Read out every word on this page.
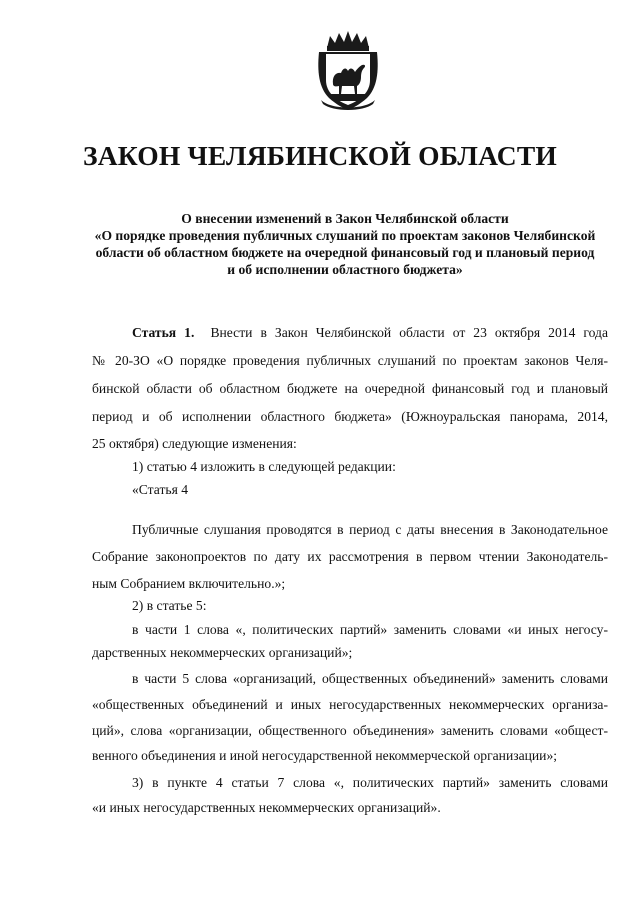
ЗАКОН ЧЕЛЯБИНСКОЙ ОБЛАСТИ
О внесении изменений в Закон Челябинской области
«О порядке проведения публичных слушаний по проектам законов Челябинской
области об областном бюджете на очередной финансовый год и плановый период
и об исполнении областного бюджета»
Статья 1. Внести в Закон Челябинской области от 23 октября 2014 года
№ 20-ЗО «О порядке проведения публичных слушаний по проектам законов Челя-
бинской области об областном бюджете на очередной финансовый год и плановый
период и об исполнении областного бюджета» (Южноуральская панорама, 2014,
25 октября) следующие изменения:
1) статью 4 изложить в следующей редакции:
«Статья 4
Публичные слушания проводятся в период с даты внесения в Законодательное
Собрание законопроектов по дату их рассмотрения в первом чтении Законодатель-
ным Собранием включительно.»;
2) в статье 5:
в части 1 слова «, политических партий» заменить словами «и иных негосу-
дарственных некоммерческих организаций»;
в части 5 слова «организаций, общественных объединений» заменить словами
«общественных объединений и иных негосударственных некоммерческих организа-
ций», слова «организации, общественного объединения» заменить словами «общест-
венного объединения и иной негосударственной некоммерческой организации»;
3) в пункте 4 статьи 7 слова «, политических партий» заменить словами
«и иных негосударственных некоммерческих организаций».
